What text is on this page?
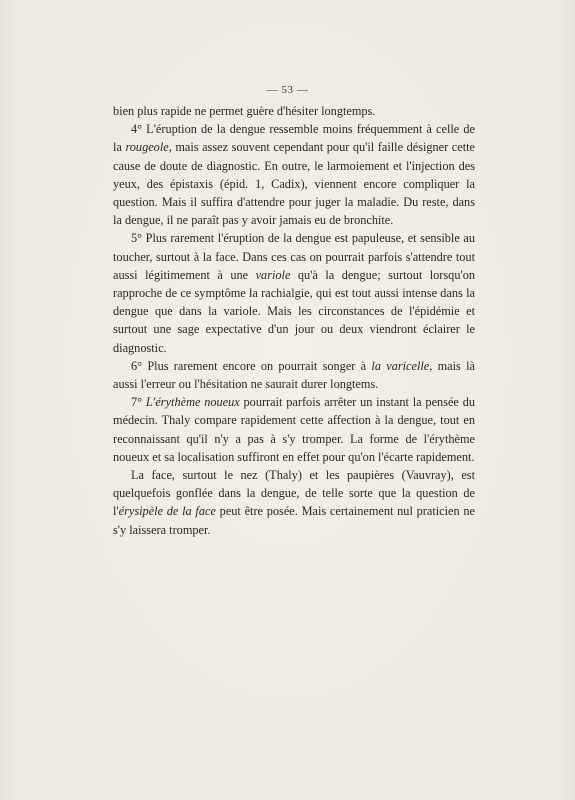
— 53 —

bien plus rapide ne permet guère d'hésiter longtemps.

4° L'éruption de la dengue ressemble moins fréquemment à celle de la rougeole, mais assez souvent cependant pour qu'il faille désigner cette cause de doute de diagnostic. En outre, le larmoiement et l'injection des yeux, des épistaxis (épid. 1, Cadix), viennent encore compliquer la question. Mais il suffira d'attendre pour juger la maladie. Du reste, dans la dengue, il ne paraît pas y avoir jamais eu de bronchite.

5° Plus rarement l'éruption de la dengue est papuleuse, et sensible au toucher, surtout à la face. Dans ces cas on pourrait parfois s'attendre tout aussi légitimement à une variole qu'à la dengue; surtout lorsqu'on rapproche de ce symptôme la rachialgie, qui est tout aussi intense dans la dengue que dans la variole. Mais les circonstances de l'épidémie et surtout une sage expectative d'un jour ou deux viendront éclairer le diagnostic.

6° Plus rarement encore on pourrait songer à la varicelle, mais là aussi l'erreur ou l'hésitation ne saurait durer longtems.

7° L'érythème noueux pourrait parfois arrêter un instant la pensée du médecin. Thaly compare rapidement cette affection à la dengue, tout en reconnaissant qu'il n'y a pas à s'y tromper. La forme de l'érythème noueux et sa localisation suffiront en effet pour qu'on l'écarte rapidement.

La face, surtout le nez (Thaly) et les paupières (Vauvray), est quelquefois gonflée dans la dengue, de telle sorte que la question de l'érysipèle de la face peut être posée. Mais certainement nul praticien ne s'y laissera tromper.
